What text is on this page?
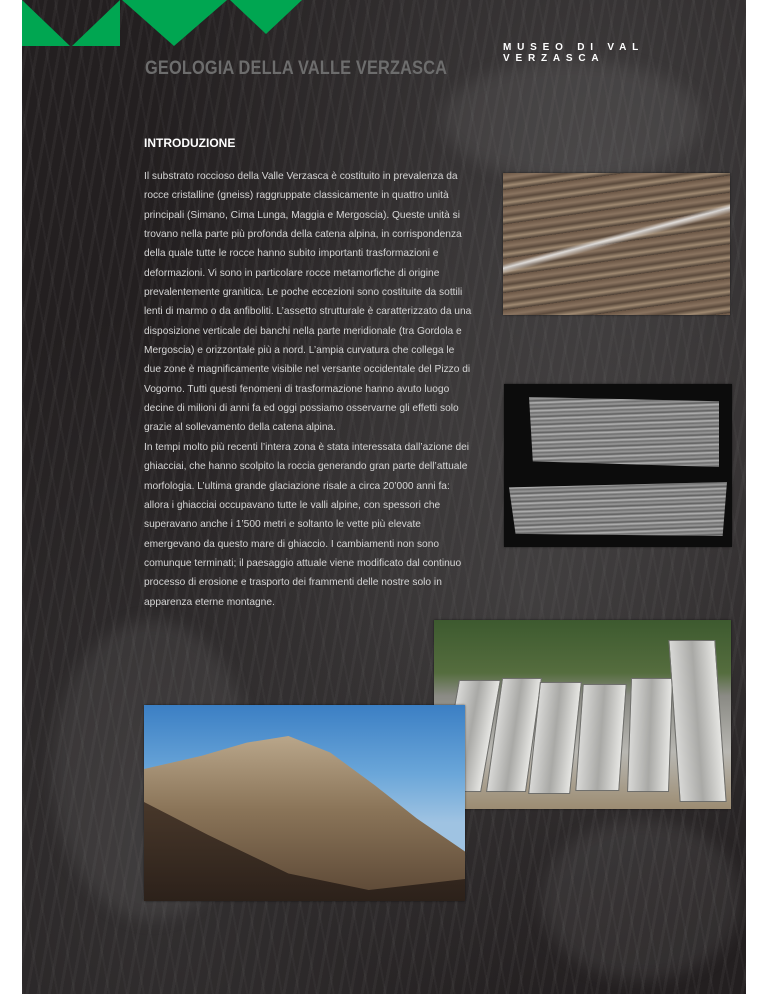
MUSEO DI VAL VERZASCA
GEOLOGIA DELLA VALLE VERZASCA
INTRODUZIONE

Il substrato roccioso della Valle Verzasca è costituito in prevalenza da rocce cristalline (gneiss) raggruppate classicamente in quattro unità principali (Simano, Cima Lunga, Maggia e Mergoscia). Queste unità si trovano nella parte più profonda della catena alpina, in corrispondenza della quale tutte le rocce hanno subito importanti trasformazioni e deformazioni. Vi sono in particolare rocce metamorfiche di origine prevalentemente granitica. Le poche eccezioni sono costituite da sottili lenti di marmo o da anfiboliti. L’assetto strutturale è caratterizzato da una disposizione verticale dei banchi nella parte meridionale (tra Gordola e Mergoscia) e orizzontale più a nord. L’ampia curvatura che collega le due zone è magnificamente visibile nel versante occidentale del Pizzo di Vogorno. Tutti questi fenomeni di trasformazione hanno avuto luogo decine di milioni di anni fa ed oggi possiamo osservarne gli effetti solo grazie al sollevamento della catena alpina.

In tempi molto più recenti l’intera zona è stata interessata dall’azione dei ghiacciai, che hanno scolpito la roccia generando gran parte dell’attuale morfologia. L’ultima grande glaciazione risale a circa 20’000 anni fa: allora i ghiacciai occupavano tutte le valli alpine, con spessori che superavano anche i 1’500 metri e soltanto le vette più elevate emergevano da questo mare di ghiaccio. I cambiamenti non sono comunque terminati; il paesaggio attuale viene modificato dal continuo processo di erosione e trasporto dei frammenti delle nostre solo in apparenza eterne montagne.
